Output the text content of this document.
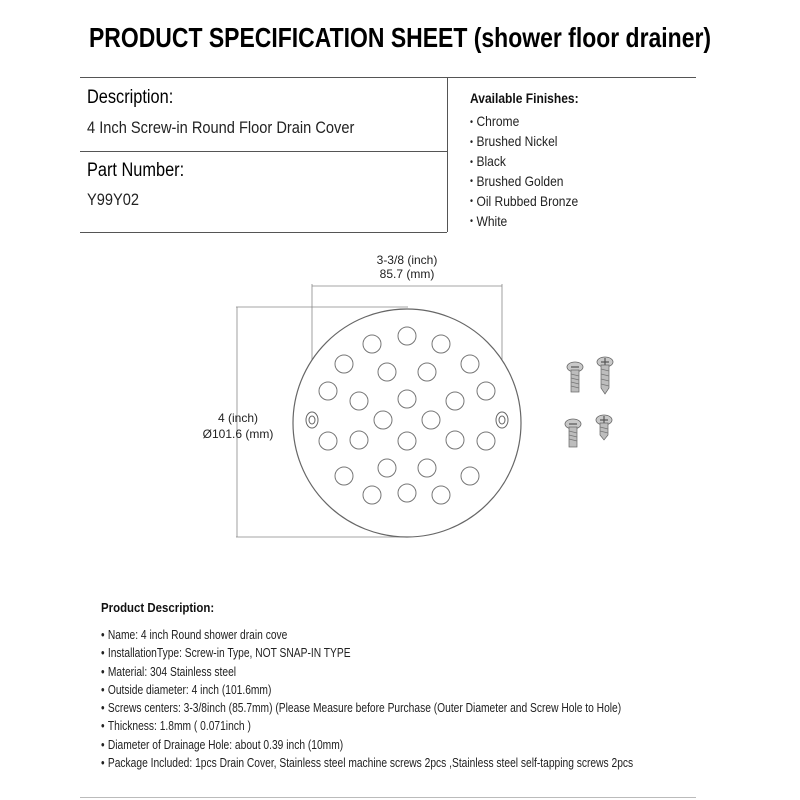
PRODUCT SPECIFICATION SHEET (shower floor drainer)
Description:
4 Inch Screw-in Round Floor Drain Cover
Part Number:
Y99Y02
Available Finishes:
• Chrome
• Brushed Nickel
• Black
• Brushed Golden
• Oil Rubbed Bronze
• White
3-3/8 (inch)
85.7 (mm)
4 (inch)
Ø101.6 (mm)
Product Description:
• Name: 4 inch Round shower drain cove
• InstallationType: Screw-in Type, NOT SNAP-IN TYPE
• Material: 304 Stainless steel
• Outside diameter: 4 inch (101.6mm)
• Screws centers: 3-3/8inch (85.7mm) (Please Measure before Purchase (Outer Diameter and Screw Hole to Hole)
• Thickness: 1.8mm ( 0.071inch )
• Diameter of Drainage Hole: about 0.39 inch (10mm)
• Package Included: 1pcs Drain Cover, Stainless steel machine screws 2pcs ,Stainless steel self-tapping screws 2pcs
